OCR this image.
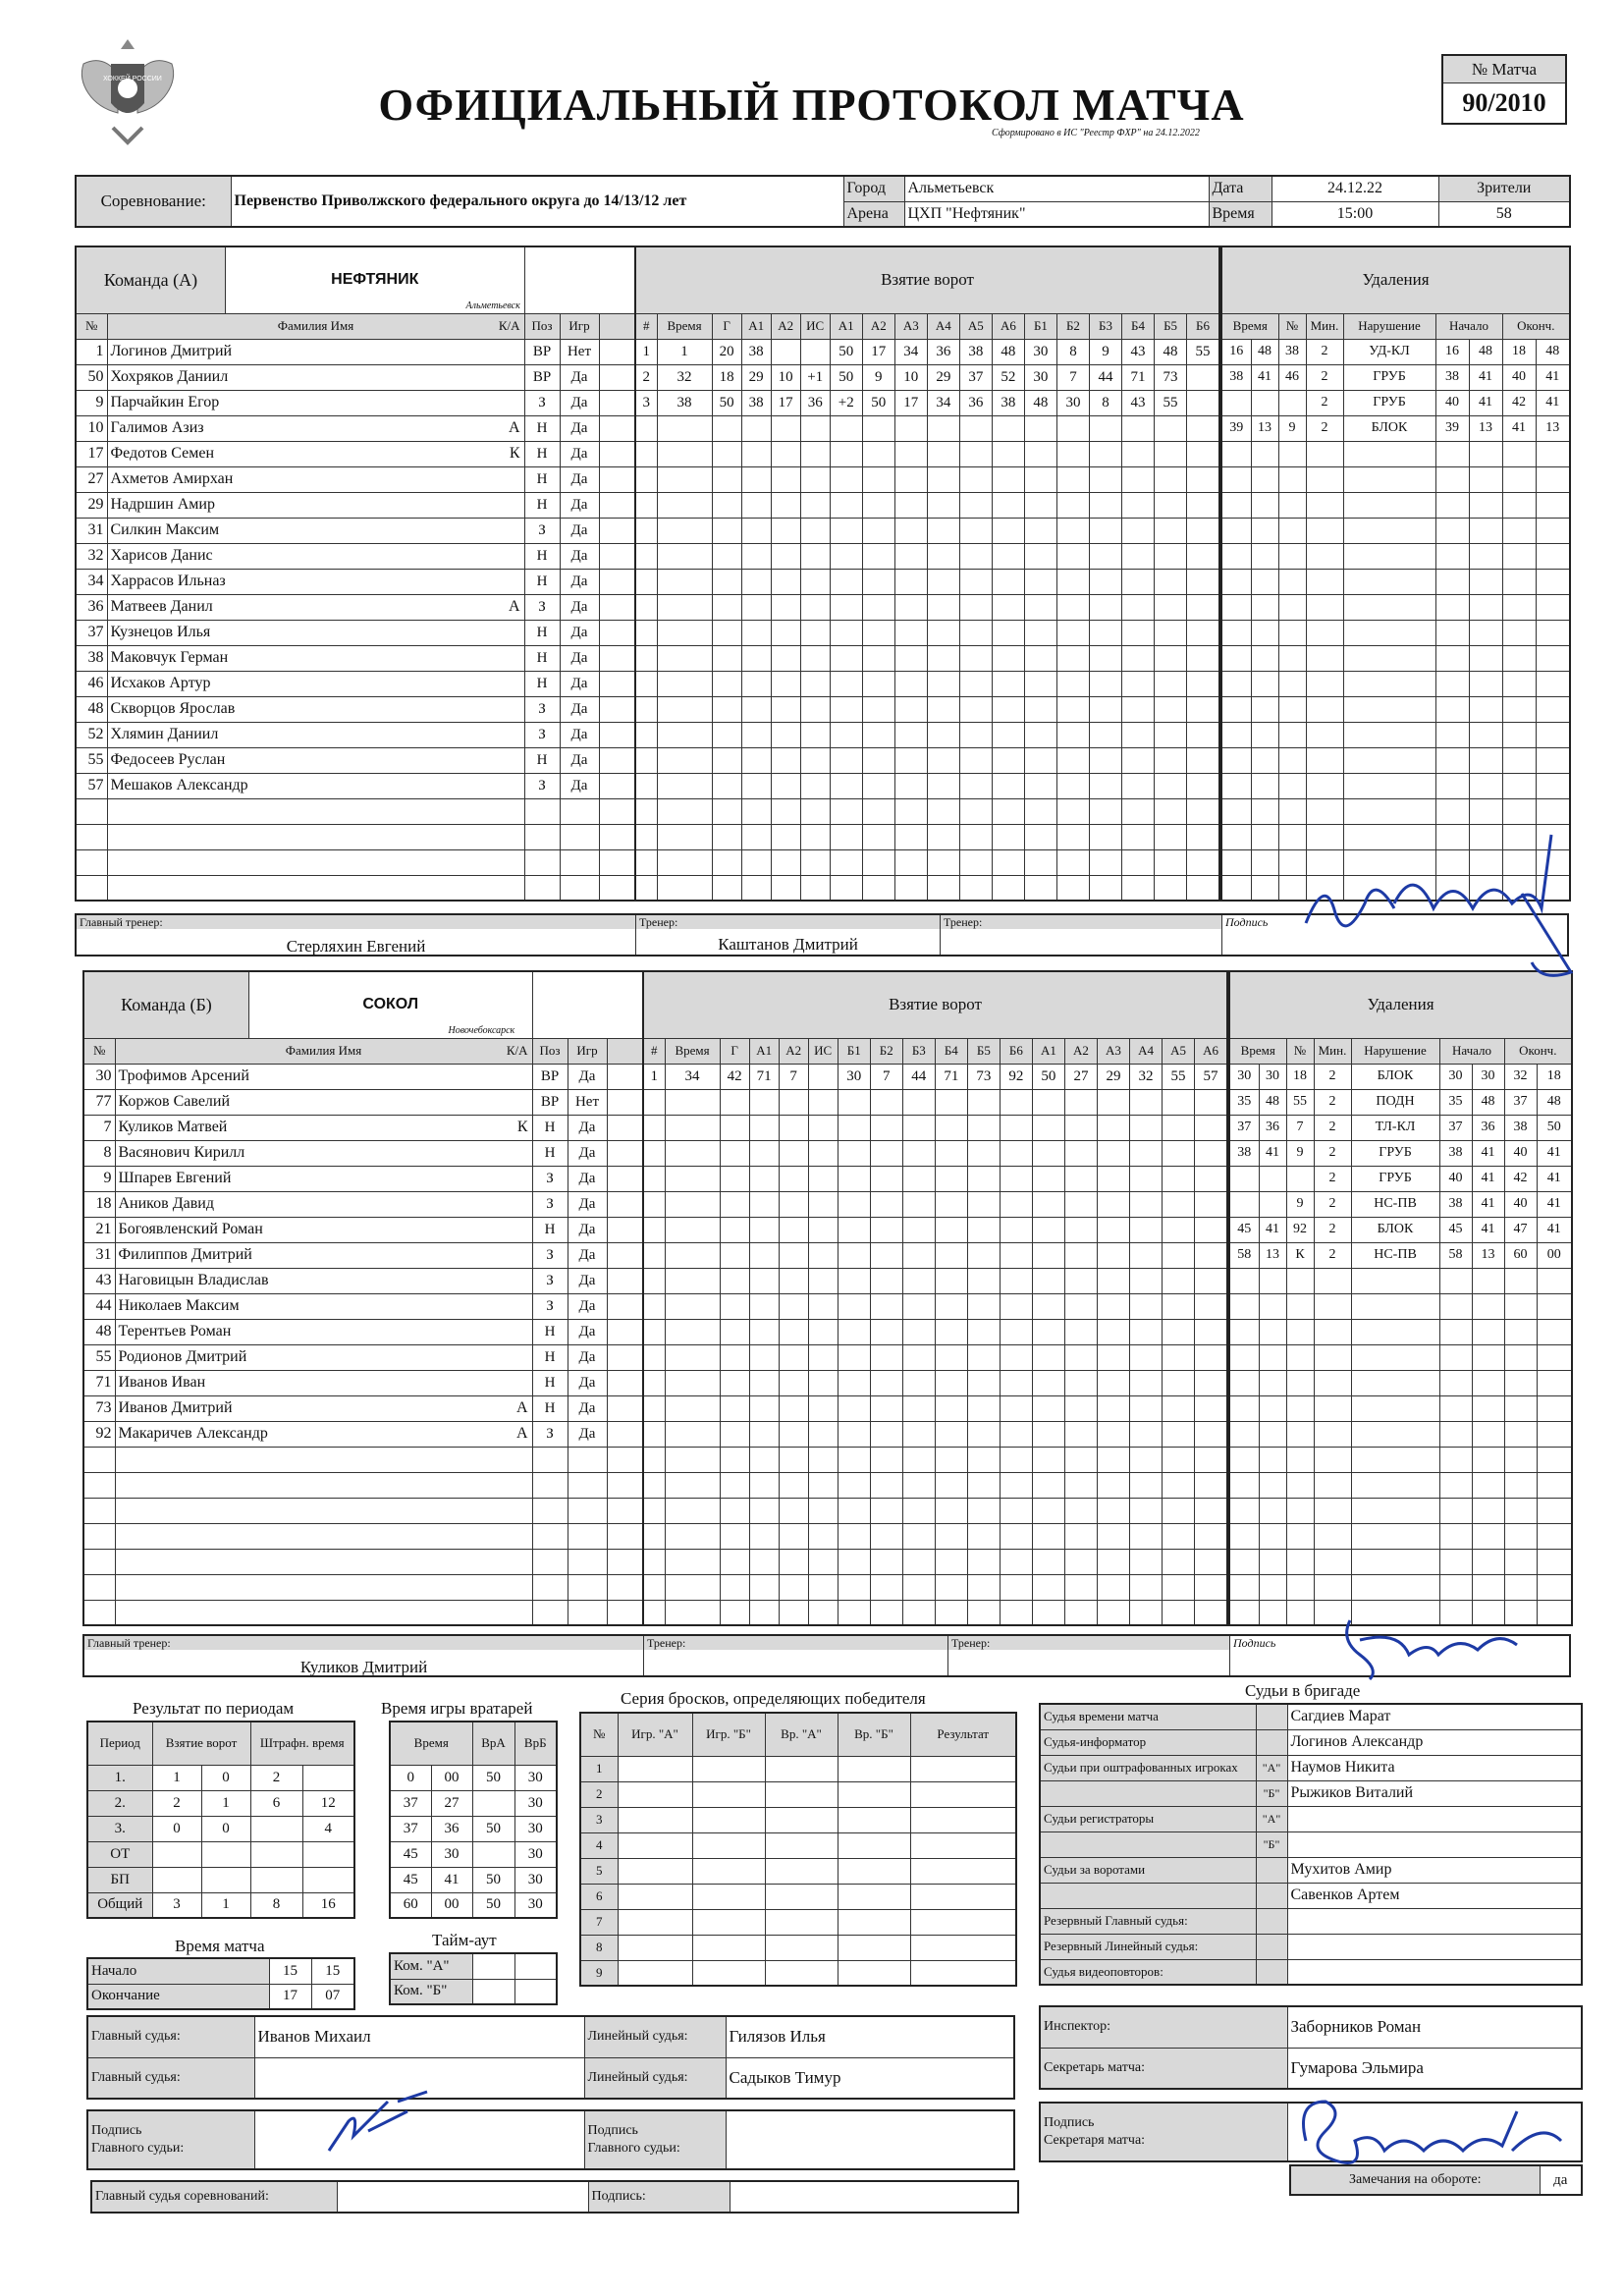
ХОККЕЙ РОССИИ
ОФИЦИАЛЬНЫЙ ПРОТОКОЛ МАТЧА
Сформировано в ИС "Реестр ФХР" на 24.12.2022
№ Матча
90/2010
Соревнование:	Первенство Приволжского федерального округа до 14/13/12 лет	Город	Альметьевск	Дата	24.12.22	Зрители
		Арена	ЦХП "Нефтяник"	Время	15:00	58
Команда (А) НЕФТЯНИК		Альметьевск		

№	Фамилия Имя К/А	Поз	Игр	
1	Логинов Дмитрий	ВР	Нет	
50	Хохряков Даниил	ВР	Да	
9	Парчайкин Егор	З	Да	
10	Галимов Азиз А	Н	Да	
17	Федотов Семен К	Н	Да	
27	Ахметов Амирхан	Н	Да	
29	Надршин Амир	Н	Да	
31	Силкин Максим	З	Да	
32	Харисов Данис	Н	Да	
34	Харрасов Ильназ	Н	Да	
36	Матвеев Данил А	З	Да	
37	Кузнецов Илья	Н	Да	
38	Маковчук Герман	Н	Да	
46	Исхаков Артур	Н	Да	
48	Скворцов Ярослав	З	Да	
52	Хлямин Даниил	З	Да	
55	Федосеев Руслан	Н	Да	
57	Мешаков Александр	З	Да	

Взятие ворот																	
#	Время	Г	А1	А2	ИС	А1	А2	А3	А4	А5	А6	Б1	Б2	Б3	Б4	Б5	Б6
1	1	20	38			50	17	34	36	38	48	30	8	9	43	48	55
2	32	18	29	10	+1	50	9	10	29	37	52	30	7	44	71	73	
3	38	50	38	17	36	+2	50	17	34	36	38	48	30	8	43	55	

Удаления								
Время		№	Мин.	Нарушение	Начало		Оконч.	
16	48	38	2	УД-КЛ	16	48	18	48
38	41	46	2	ГРУБ	38	41	40	41
			2	ГРУБ	40	41	42	41
39	13	9	2	БЛОК	39	13	41	13

Главный тренер:
Стерляхин Евгений
Тренер:
Каштанов Дмитрий
Тренер:	Подпись
Команда (Б) СОКОЛ		Новочебоксарск		

№	Фамилия Имя К/А	Поз	Игр	
30	Трофимов Арсений	ВР	Да	
77	Коржов Савелий	ВР	Нет	
7	Куликов Матвей К	Н	Да	
8	Васянович Кирилл	Н	Да	
9	Шпарев Евгений	З	Да	
18	Аников Давид	З	Да	
21	Богоявленский Роман	Н	Да	
31	Филиппов Дмитрий	З	Да	
43	Наговицын Владислав	З	Да	
44	Николаев Максим	З	Да	
48	Терентьев Роман	Н	Да	
55	Родионов Дмитрий	Н	Да	
71	Иванов Иван	Н	Да	
73	Иванов Дмитрий А	Н	Да	
92	Макаричев Александр А	З	Да	

Взятие ворот																	
#	Время	Г	А1	А2	ИС	Б1	Б2	Б3	Б4	Б5	Б6	А1	А2	А3	А4	А5	А6
1	34	42	71	7		30	7	44	71	73	92	50	27	29	32	55	57

Удаления								
Время		№	Мин.	Нарушение	Начало		Оконч.	
30	30	18	2	БЛОК	30	30	32	18
35	48	55	2	ПОДН	35	48	37	48
37	36	7	2	ТЛ-КЛ	37	36	38	50
38	41	9	2	ГРУБ	38	41	40	41
			2	ГРУБ	40	41	42	41
		9	2	НС-ПВ	38	41	40	41
45	41	92	2	БЛОК	45	41	47	41
58	13	К	2	НС-ПВ	58	13	60	00

Главный тренер:
Куликов Дмитрий
Тренер:	Тренер:	Подпись
Результат по периодам
Период	Взятие ворот		Штрафн. время	
1.	1	0	2	
2.	2	1	6	12
3.	0	0		4
ОТ				
БП				
Общий	3	1	8	16
Время игры вратарей
Время		ВрА	ВрБ
0	00	50	30
37	27		30
37	36	50	30
45	30		30
45	41	50	30
60	00	50	30
Время матча
Начало	15	15
Окончание	17	07
Тайм-аут
Ком. "А"		
Ком. "Б"		
Серия бросков, определяющих победителя
№	Игр. "А"	Игр. "Б"	Вр. "А"	Вр. "Б"	Результат
1					
2					
3					
4					
5					
6					
7					
8					
9					
Судьи в бригаде
Судья времени матча		Сагдиев Марат
Судья-информатор		Логинов Александр
Судьи при оштрафованных игроках	"А"	Наумов Никита
	"Б"	Рыжиков Виталий
Судьи регистраторы	"А"	
	"Б"	
Судьи за воротами		Мухитов Амир
		Савенков Артем
Резервный Главный судья:		
Резервный Линейный судья:		
Судья видеоповторов:		
Главный судья:	Иванов Михаил	Линейный судья:	Гилязов Илья
Главный судья:		Линейный судья:	Садыков Тимур
Инспектор:	Заборников Роман
Секретарь матча:	Гумарова Эльмира
Подпись
Главного судьи:		Подпись
Главного судьи:	
Подпись
Секретаря матча:	
Главный судья соревнований:		Подпись:	
Замечания на обороте:	да
